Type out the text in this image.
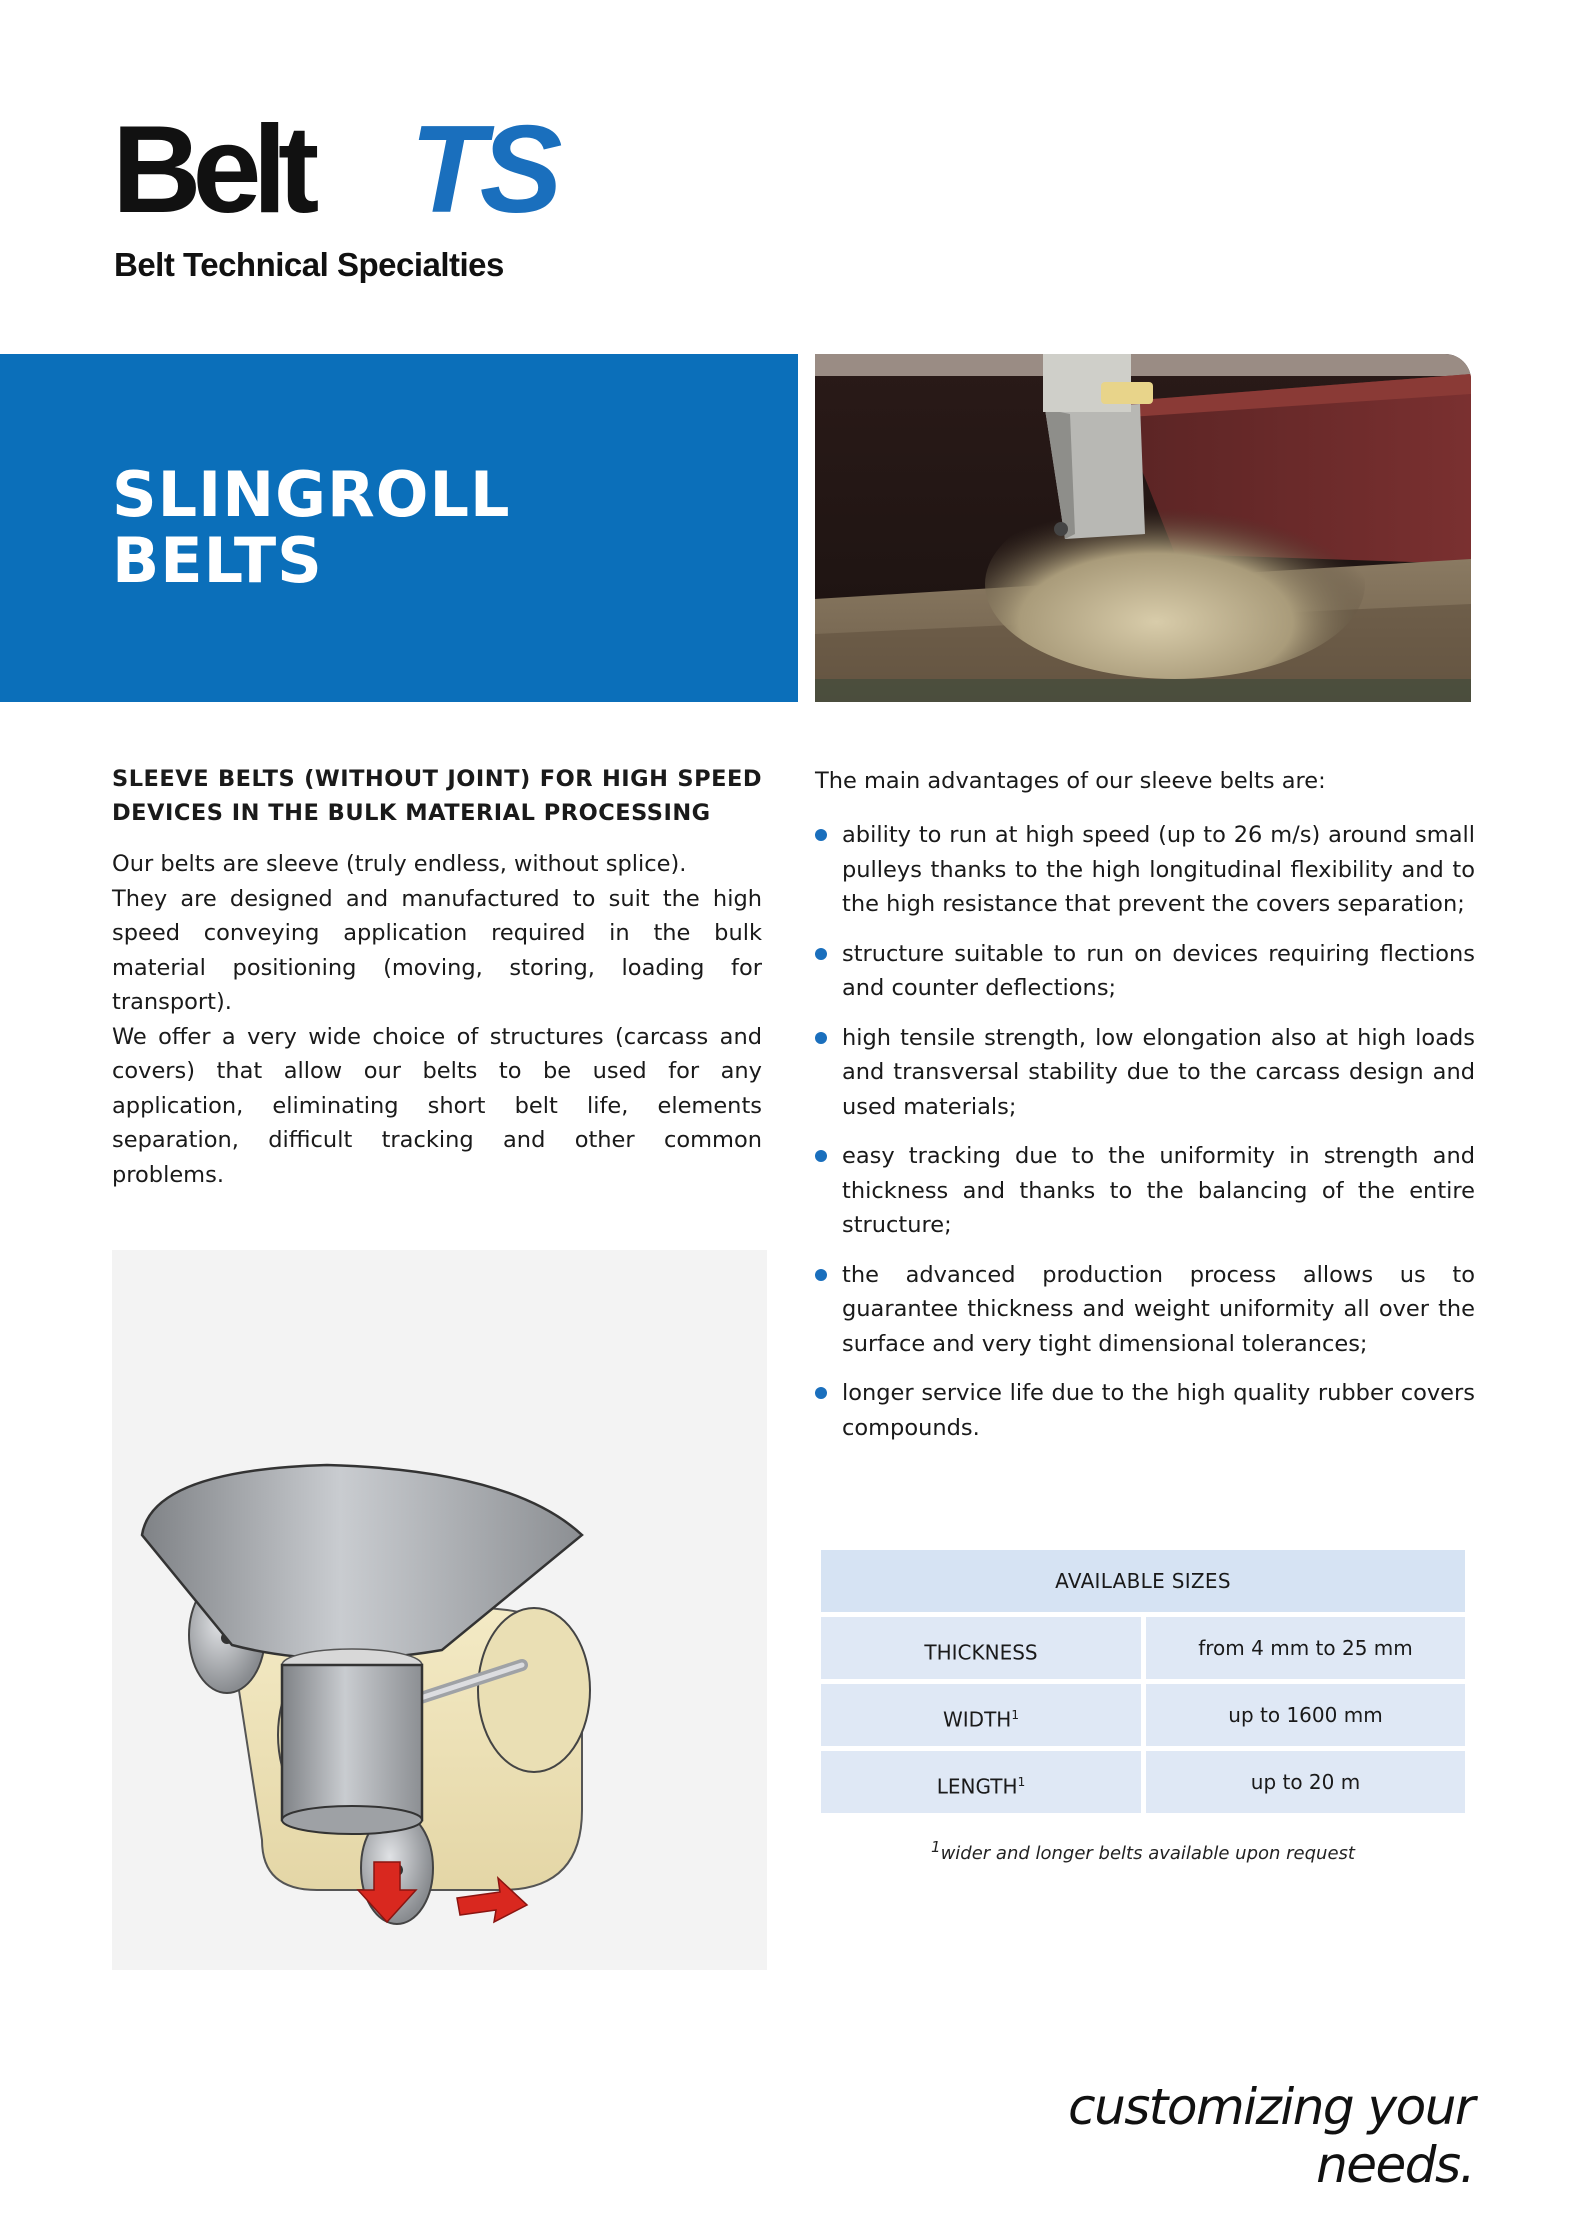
Belt TS
Belt Technical Specialties
SLINGROLL
BELTS
SLEEVE BELTS (WITHOUT JOINT) FOR HIGH SPEED DEVICES IN THE BULK MATERIAL PROCESSING

Our belts are sleeve (truly endless, without splice).

They are designed and manufactured to suit the high speed conveying application required in the bulk material positioning (moving, storing, loading for transport).

We offer a very wide choice of structures (carcass and covers) that allow our belts to be used for any application, eliminating short belt life, elements separation, difficult tracking and other common problems.

The main advantages of our sleeve belts are:
ability to run at high speed (up to 26 m/s) around small pulleys thanks to the high longitudinal flexibility and to the high resistance that prevent the covers separation;
structure suitable to run on devices requiring flections and counter deflections;
high tensile strength, low elongation also at high loads and transversal stability due to the carcass design and used materials;
easy tracking due to the uniformity in strength and thickness and thanks to the balancing of the entire structure;
the advanced production process allows us to guarantee thickness and weight uniformity all over the surface and very tight dimensional tolerances;
longer service life due to the high quality rubber covers compounds.
AVAILABLE SIZES
THICKNESS	from 4 mm to 25 mm
WIDTH$^1$	up to 1600 mm
LENGTH$^1$	up to 20 m
$^1$wider and longer belts available upon request
customizing your needs.
